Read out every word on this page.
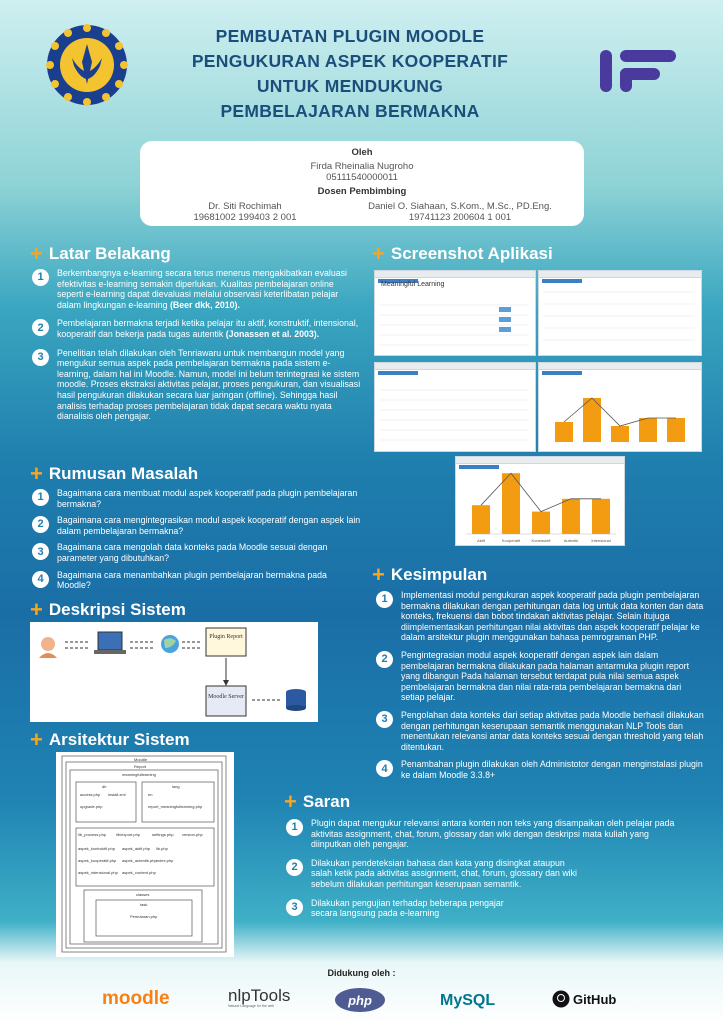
PEMBUATAN PLUGIN MOODLE
PENGUKURAN ASPEK KOOPERATIF
UNTUK MENDUKUNG
PEMBELAJARAN BERMAKNA
Oleh
Firda Rheinalia Nugroho
05111540000011
Dosen Pembimbing
Dr. Siti Rochimah
19681002 199403 2 001
Daniel O. Siahaan, S.Kom., M.Sc., PD.Eng.
19741123 200604 1 001
+ Latar Belakang
1	Berkembangnya e-learning secara terus menerus mengakibatkan evaluasi efektivitas e-learning semakin diperlukan. Kualitas pembelajaran online seperti e-learning dapat dievaluasi melalui observasi keterlibatan pelajar dalam lingkungan e-learning (Beer dkk, 2010).
2	Pembelajaran bermakna terjadi ketika pelajar itu aktif, konstruktif, intensional, kooperatif dan bekerja pada tugas autentik (Jonassen et al. 2003).
3	Penelitian telah dilakukan oleh Tenriawaru untuk membangun model yang mengukur semua aspek pada pembelajaran bermakna pada sistem e-learning, dalam hal ini Moodle. Namun, model ini belum terintegrasi ke sistem moodle. Proses ekstraksi aktivitas pelajar, proses pengukuran, dan visualisasi hasil pengukuran dilakukan secara luar jaringan (offline). Sehingga hasil analisis terhadap proses pembelajaran tidak dapat secara waktu nyata dianalisis oleh pengajar.
+ Rumusan Masalah
1	Bagaimana cara membuat modul aspek kooperatif pada plugin pembelajaran bermakna?
2	Bagaimana cara mengintegrasikan modul aspek kooperatif dengan aspek lain dalam pembelajaran bermakna?
3	Bagaimana cara mengolah data konteks pada Moodle sesuai dengan parameter yang dibutuhkan?
4	Bagaimana cara menambahkan plugin pembelajaran bermakna pada Moodle?
+ Deskripsi Sistem
Plugin Report
Moodle Server
+ Arsitektur Sistem
Moodle
Report
meaningfullearning
db	lang
access.php install.xml
upgrade.php
en
report_meaningfullearning.php
lib_process.php lib/export.php	settings.php version.php
aspek_kontruktif.php aspek_aktif.php lib.php
aspek_kooperatif.php aspek_autentik.php index.php
aspek_intensional.php aspek_content.php
classes
task
Pemutaran.php
+ Screenshot Aplikasi
Meaningful Learning
Aktif	Kooperatif	Konstruktif	Autentik	Intensional
+ Kesimpulan
1	Implementasi modul pengukuran aspek kooperatif pada plugin pembelajaran bermakna dilakukan dengan perhitungan data log untuk data konten dan data konteks, frekuensi dan bobot tindakan aktivitas pelajar. Selain itujuga diimplementasikan perhitungan nilai aktivitas dan aspek kooperatif pelajar ke dalam arsitektur plugin menggunakan bahasa pemrograman PHP.
2	Pengintegrasian modul aspek kooperatif dengan aspek lain dalam pembelajaran bermakna dilakukan pada halaman antarmuka plugin report yang dibangun Pada halaman tersebut terdapat pula nilai semua aspek pembelajaran bermakna dan nilai rata-rata pembelajaran bermakna dari setiap pelajar.
3	Pengolahan data konteks dari setiap aktivitas pada Moodle berhasil dilakukan dengan perhitungan keserupaan semantik menggunakan NLP Tools dan menentukan relevansi antar data konteks sesuai dengan threshold yang telah ditentukan.
4	Penambahan plugin dilakukan oleh Administotor dengan menginstalasi plugin ke dalam Moodle 3.3.8+
+ Saran
1	Plugin dapat mengukur relevansi antara konten non teks yang disampaikan oleh pelajar pada aktivitas assignment, chat, forum, glossary dan wiki dengan deskripsi mata kuliah yang diinputkan oleh pengajar.
2	Dilakukan pendeteksian bahasa dan kata yang disingkat ataupun salah ketik pada aktivitas assignment, chat, forum, glossary dan wiki sebelum dilakukan perhitungan keserupaan semantik.
3	Dilakukan pengujian terhadap beberapa pengajar secara langsung pada e-learning
Didukung oleh :
moodle	nlpTools
Natural Language for the web	php	MySQL	GitHub
